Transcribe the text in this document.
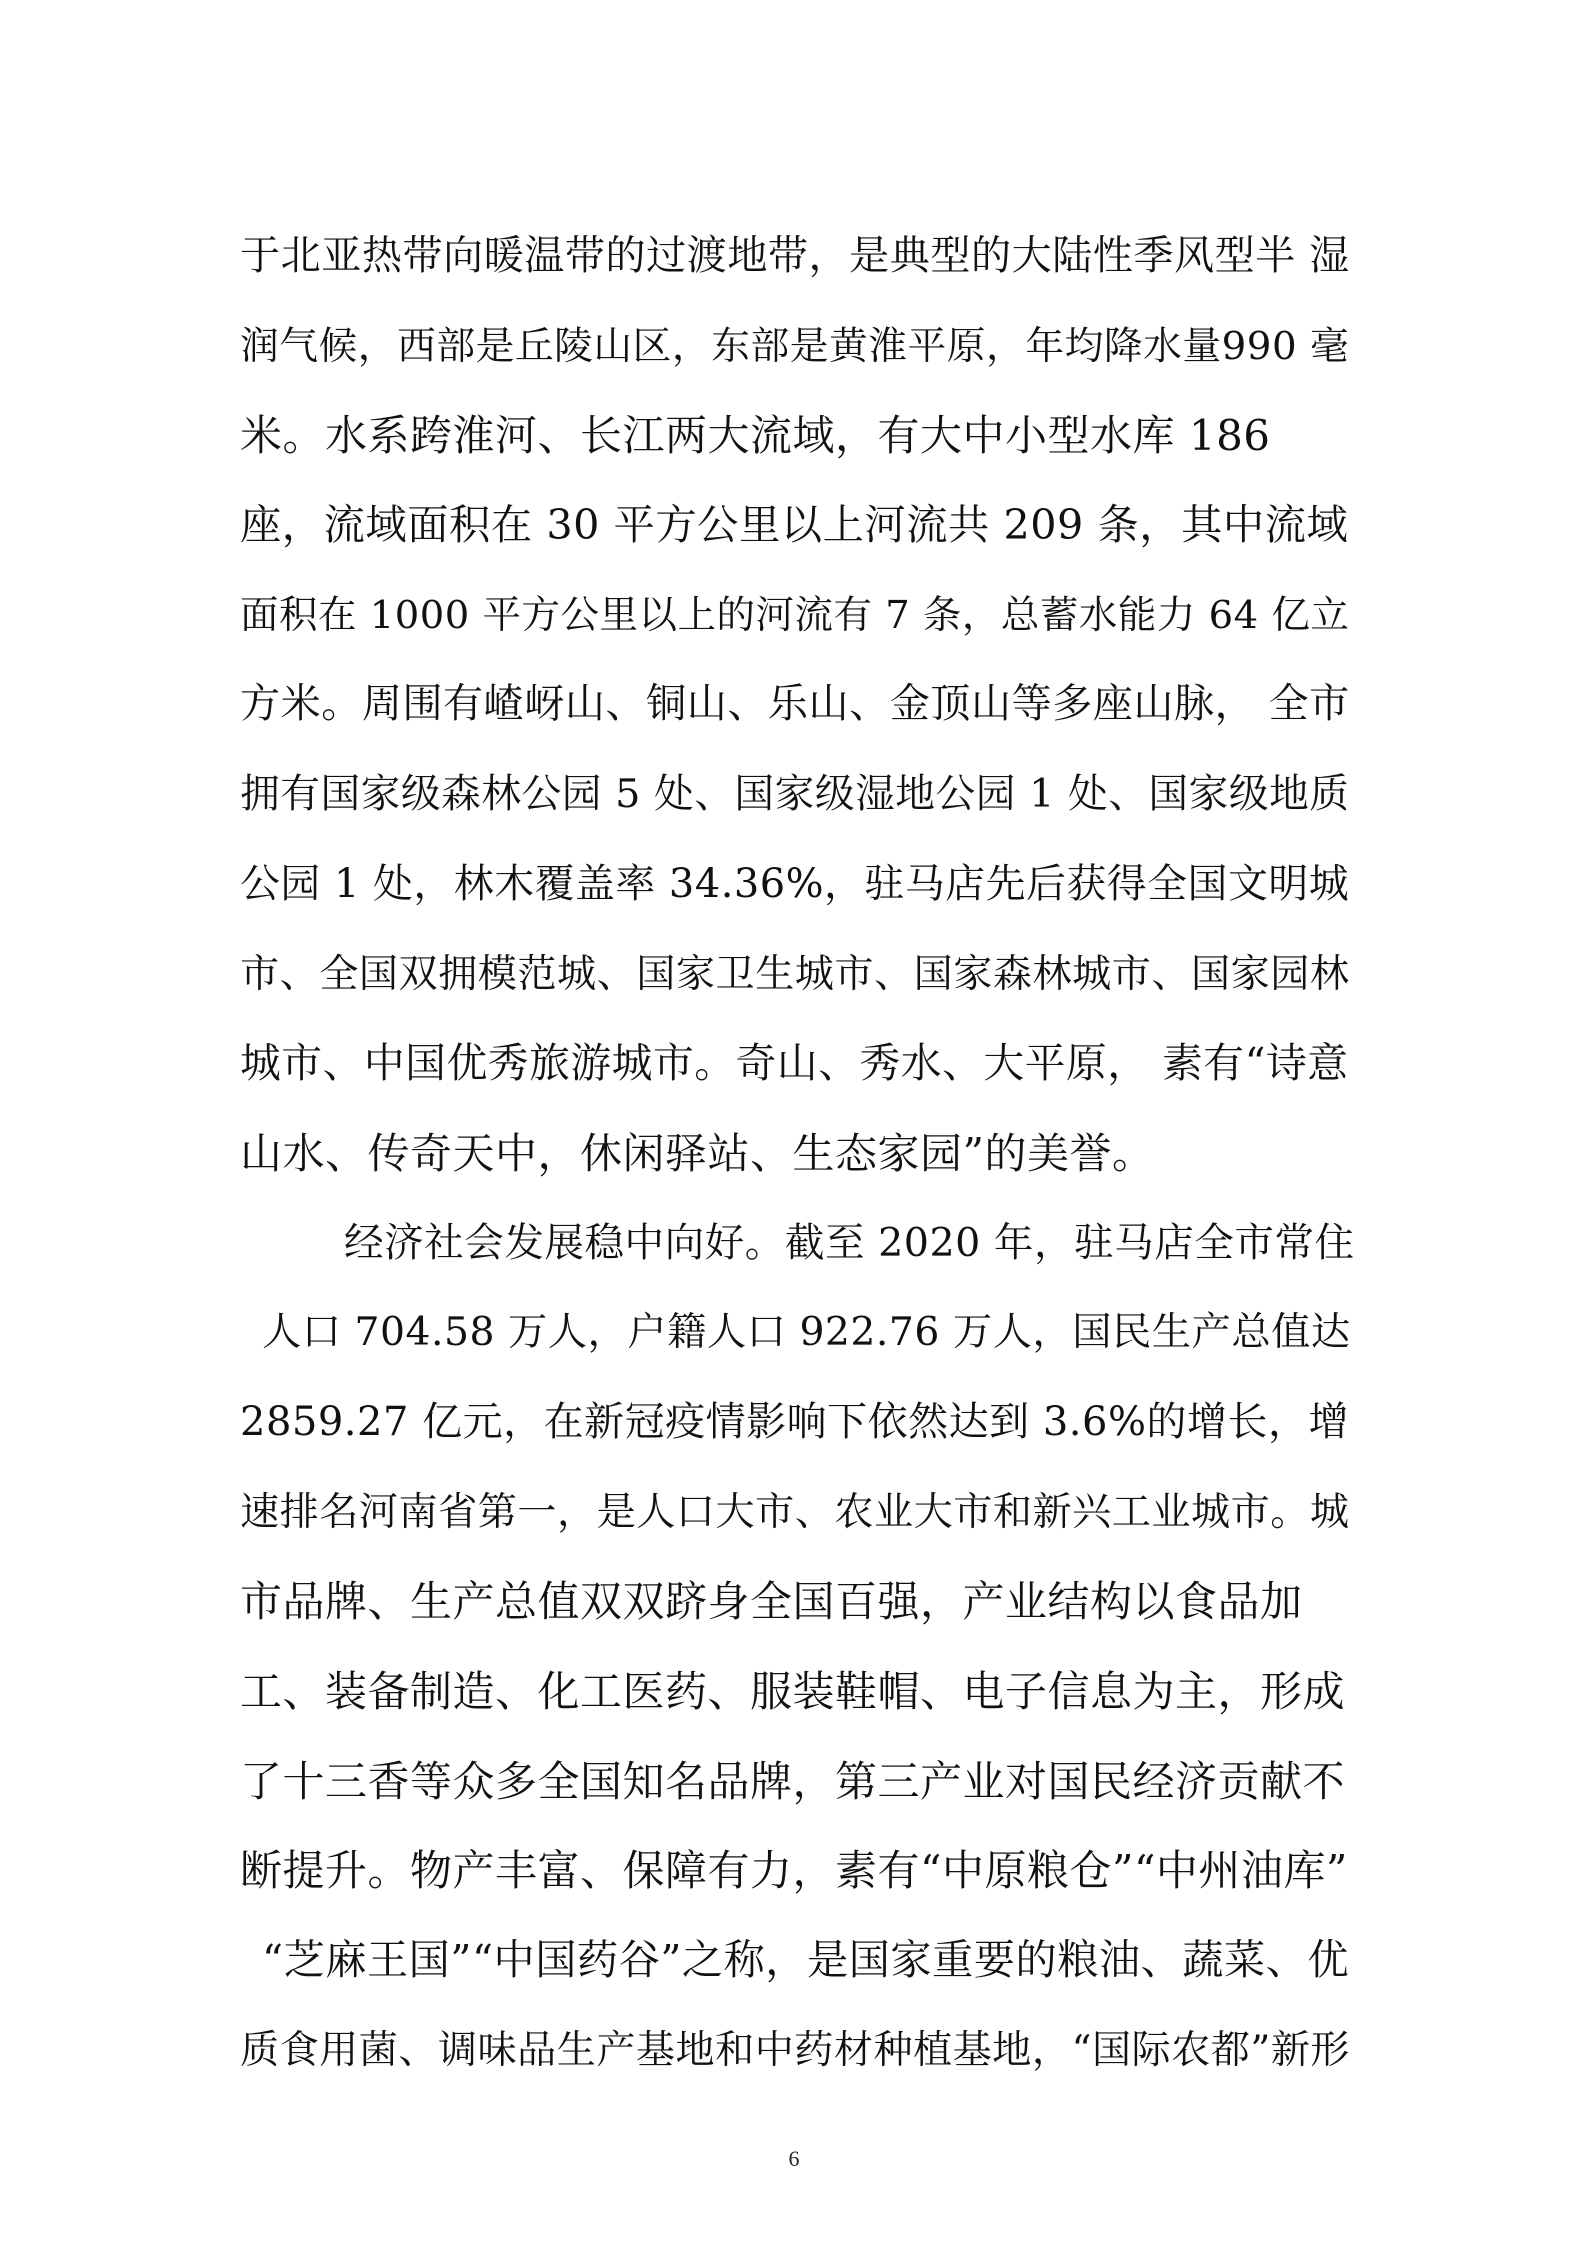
于北亚热带向暖温带的过渡地带，是典型的大陆性季风型半 湿
润气候，西部是丘陵山区，东部是黄淮平原，年均降水量990 毫
米。水系跨淮河、长江两大流域，有大中小型水库 186
座，流域面积在 30 平方公里以上河流共 209 条，其中流域
面积在 1000 平方公里以上的河流有 7 条，总蓄水能力 64 亿立
方米。周围有嵖岈山、铜山、乐山、金顶山等多座山脉， 全市
拥有国家级森林公园 5 处、国家级湿地公园 1 处、国家级地质
公园 1 处，林木覆盖率 34.36%，驻马店先后获得全国文明城
市、全国双拥模范城、国家卫生城市、国家森林城市、国家园林
城市、中国优秀旅游城市。奇山、秀水、大平原， 素有“诗意
山水、传奇天中，休闲驿站、生态家园”的美誉。
经济社会发展稳中向好。截至 2020 年，驻马店全市常住
人口 704.58 万人，户籍人口 922.76 万人，国民生产总值达
2859.27 亿元，在新冠疫情影响下依然达到 3.6%的增长，增
速排名河南省第一，是人口大市、农业大市和新兴工业城市。城
市品牌、生产总值双双跻身全国百强，产业结构以食品加
工、装备制造、化工医药、服装鞋帽、电子信息为主，形成
了十三香等众多全国知名品牌，第三产业对国民经济贡献不
断提升。物产丰富、保障有力，素有“中原粮仓”“中州油库”
“芝麻王国”“中国药谷”之称，是国家重要的粮油、蔬菜、优
质食用菌、调味品生产基地和中药材种植基地，“国际农都”新形
6
